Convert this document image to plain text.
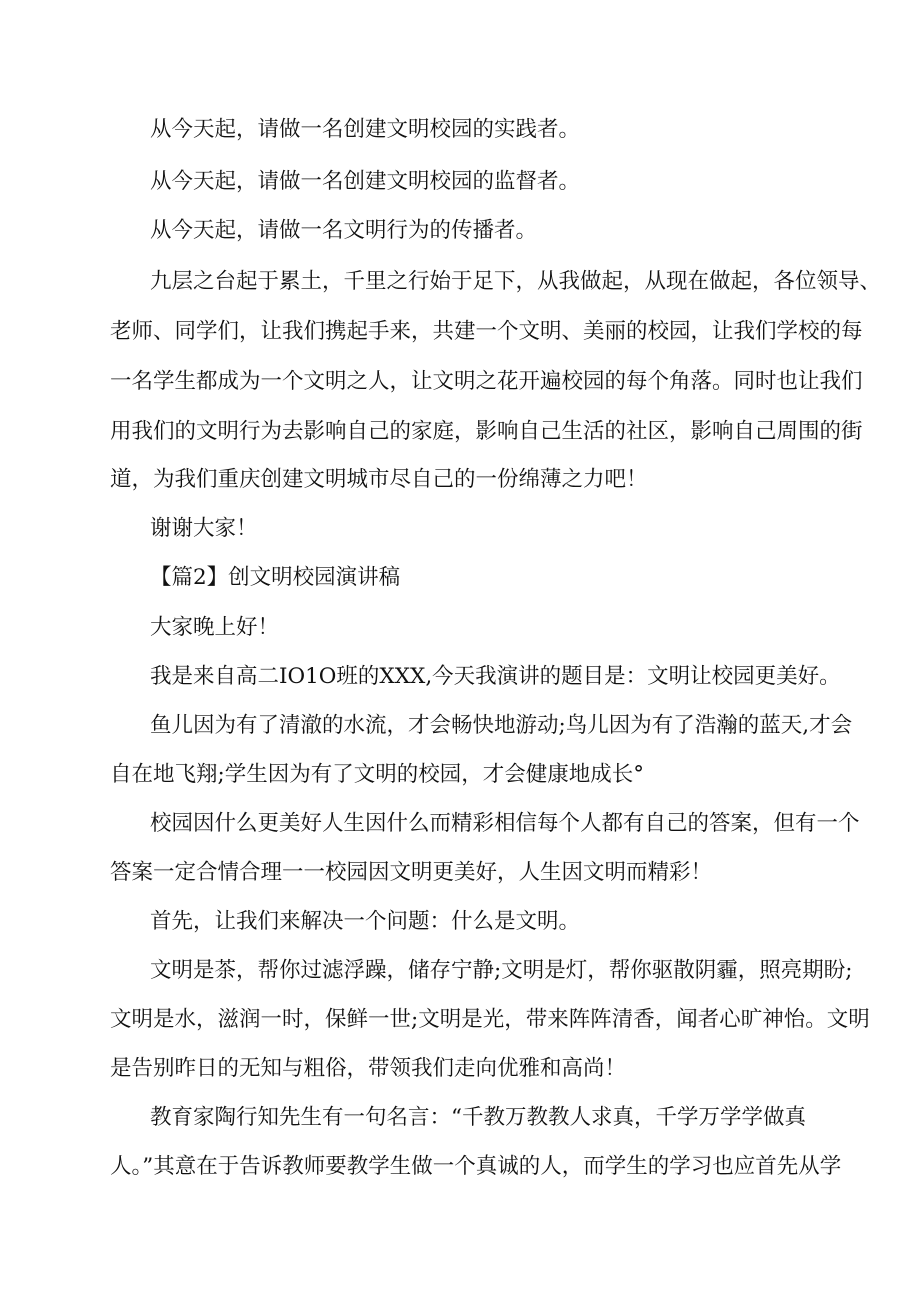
从今天起，请做一名创建文明校园的实践者。
从今天起，请做一名创建文明校园的监督者。
从今天起，请做一名文明行为的传播者。
九层之台起于累土，千里之行始于足下，从我做起，从现在做起，各位领导、
老师、同学们，让我们携起手来，共建一个文明、美丽的校园，让我们学校的每
一名学生都成为一个文明之人，让文明之花开遍校园的每个角落。同时也让我们
用我们的文明行为去影响自己的家庭，影响自己生活的社区，影响自己周围的街
道，为我们重庆创建文明城市尽自己的一份绵薄之力吧！
谢谢大家！
【篇2】创文明校园演讲稿
大家晚上好！
我是来自高二IO1O班的XXX,今天我演讲的题目是：文明让校园更美好。
鱼儿因为有了清澈的水流，才会畅快地游动;鸟儿因为有了浩瀚的蓝天,才会
自在地飞翔;学生因为有了文明的校园，才会健康地成长°
校园因什么更美好人生因什么而精彩相信每个人都有自己的答案，但有一个
答案一定合情合理一一校园因文明更美好，人生因文明而精彩！
首先，让我们来解决一个问题：什么是文明。
文明是茶，帮你过滤浮躁，储存宁静;文明是灯，帮你驱散阴霾，照亮期盼;
文明是水，滋润一时，保鲜一世;文明是光，带来阵阵清香，闻者心旷神怡。文明
是告别昨日的无知与粗俗，带领我们走向优雅和高尚！
教育家陶行知先生有一句名言：“千教万教教人求真，千学万学学做真
人。”其意在于告诉教师要教学生做一个真诚的人，而学生的学习也应首先从学
